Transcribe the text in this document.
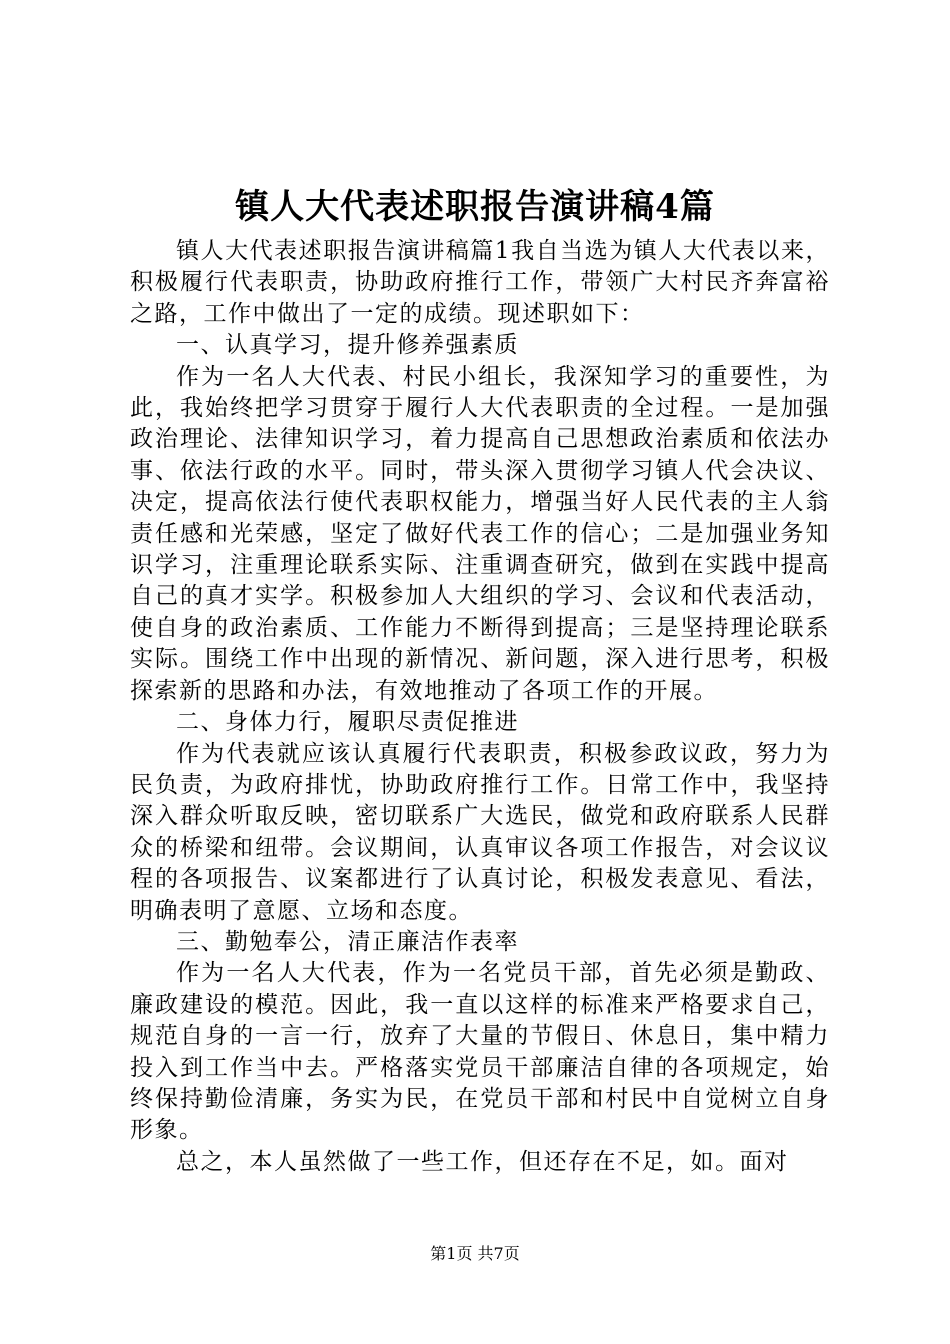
镇人大代表述职报告演讲稿4篇

镇人大代表述职报告演讲稿篇1我自当选为镇人大代表以来，积极履行代表职责，协助政府推行工作，带领广大村民齐奔富裕之路，工作中做出了一定的成绩。现述职如下：

一、认真学习，提升修养强素质

作为一名人大代表、村民小组长，我深知学习的重要性，为此，我始终把学习贯穿于履行人大代表职责的全过程。一是加强政治理论、法律知识学习，着力提高自己思想政治素质和依法办事、依法行政的水平。同时，带头深入贯彻学习镇人代会决议、决定，提高依法行使代表职权能力，增强当好人民代表的主人翁责任感和光荣感，坚定了做好代表工作的信心；二是加强业务知识学习，注重理论联系实际、注重调查研究，做到在实践中提高自己的真才实学。积极参加人大组织的学习、会议和代表活动，使自身的政治素质、工作能力不断得到提高；三是坚持理论联系实际。围绕工作中出现的新情况、新问题，深入进行思考，积极探索新的思路和办法，有效地推动了各项工作的开展。

二、身体力行，履职尽责促推进

作为代表就应该认真履行代表职责，积极参政议政，努力为民负责，为政府排忧，协助政府推行工作。日常工作中，我坚持深入群众听取反映，密切联系广大选民，做党和政府联系人民群众的桥梁和纽带。会议期间，认真审议各项工作报告，对会议议程的各项报告、议案都进行了认真讨论，积极发表意见、看法，明确表明了意愿、立场和态度。

三、勤勉奉公，清正廉洁作表率

作为一名人大代表，作为一名党员干部，首先必须是勤政、廉政建设的模范。因此，我一直以这样的标准来严格要求自己，规范自身的一言一行，放弃了大量的节假日、休息日，集中精力投入到工作当中去。严格落实党员干部廉洁自律的各项规定，始终保持勤俭清廉，务实为民，在党员干部和村民中自觉树立自身形象。

总之，本人虽然做了一些工作，但还存在不足，如。面对

第1页 共7页
